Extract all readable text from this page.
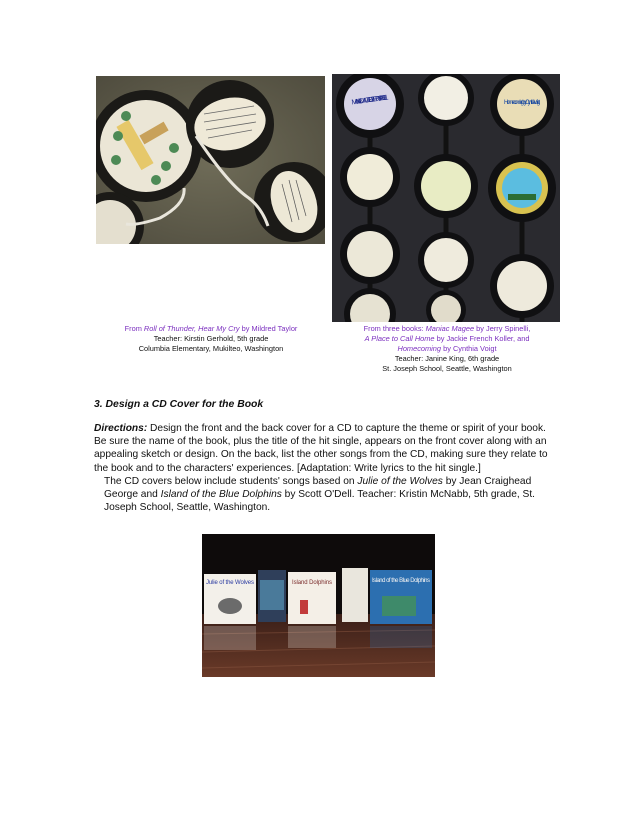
MANIAC MAGEE BY JERRY SPINELLI
Homecoming by Cynthia Voigt
From Roll of Thunder, Hear My Cry by Mildred Taylor
Teacher: Kirstin Gerhold, 5th grade
Columbia Elementary, Mukilteo, Washington
From three books: Maniac Magee by Jerry Spinelli,
A Place to Call Home by Jackie French Koller, and
Homecoming by Cynthia Voigt
Teacher: Janine King, 6th grade
St. Joseph School, Seattle, Washington
3. Design a CD Cover for the Book
Directions: Design the front and the back cover for a CD to capture the theme or spirit of your book. Be sure the name of the book, plus the title of the hit single, appears on the front cover along with an appealing sketch or design. On the back, list the other songs from the CD, making sure they relate to the book and to the characters' experiences. [Adaptation: Write lyrics to the hit single.]
The CD covers below include students' songs based on Julie of the Wolves by Jean Craighead George and Island of the Blue Dolphins by Scott O'Dell. Teacher: Kristin McNabb, 5th grade, St. Joseph School, Seattle, Washington.
Julie of the Wolves	Island Dolphins	Island of the Blue Dolphins
